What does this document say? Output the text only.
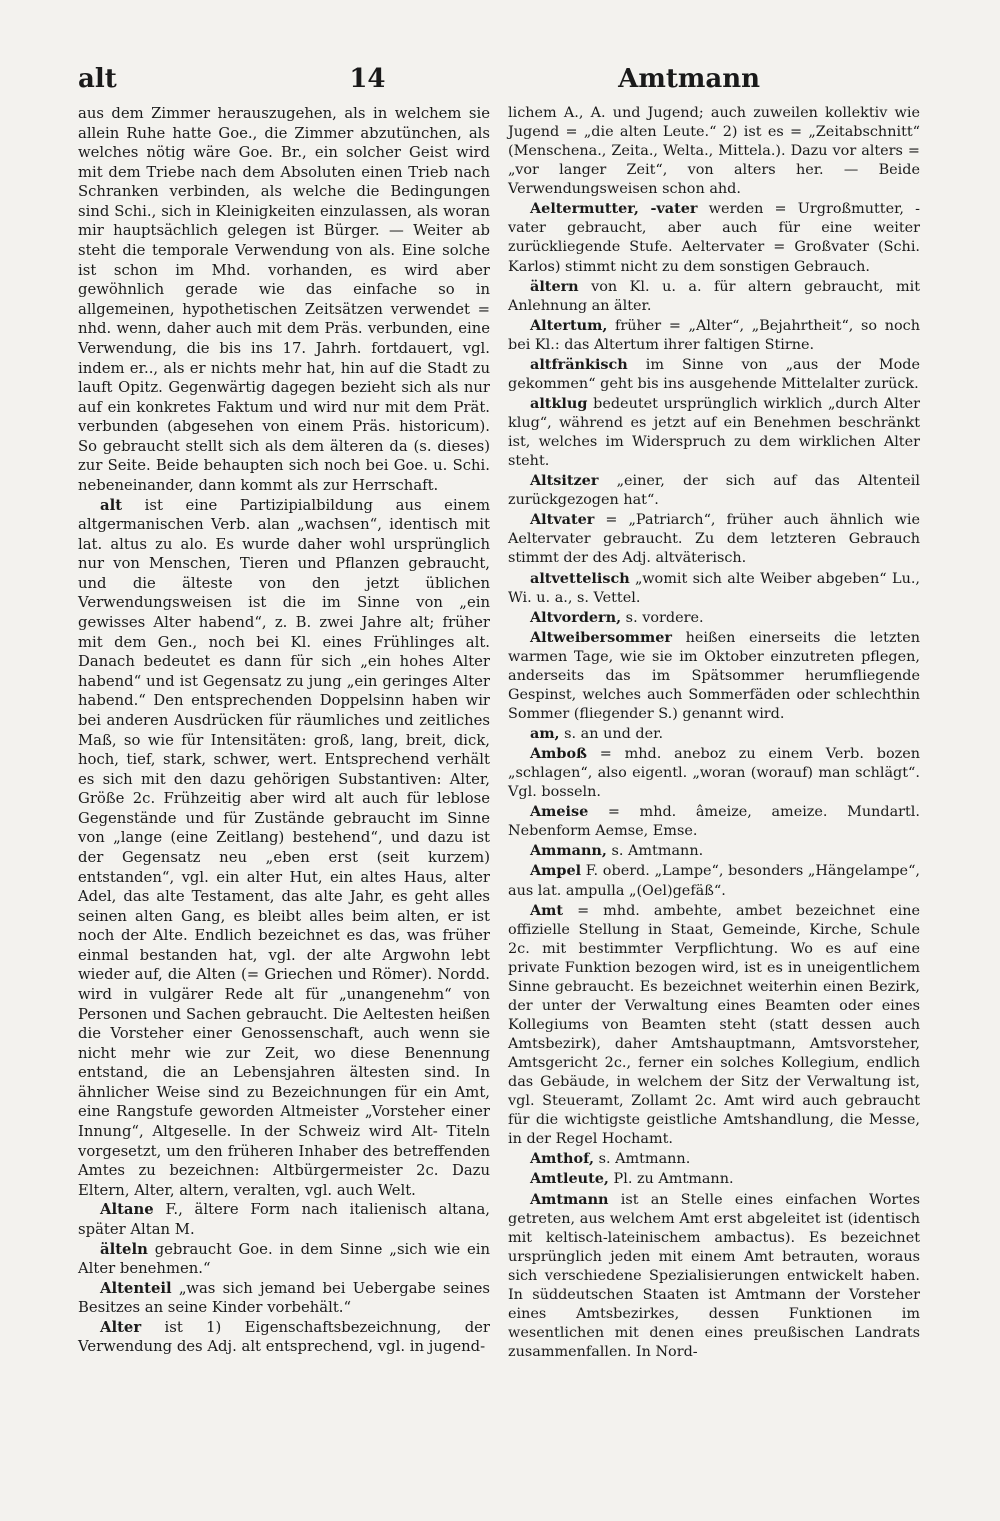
alt	14	Amtmann

aus dem Zimmer herauszugehen, als in welchem sie allein Ruhe hatte Goe., die Zimmer abzutünchen, als welches nötig wäre Goe. Br., ein solcher Geist wird mit dem Triebe nach dem Absoluten einen Trieb nach Schranken verbinden, als welche die Bedingungen sind Schi., sich in Kleinigkeiten einzulassen, als woran mir hauptsächlich gelegen ist Bürger. — Weiter ab steht die temporale Verwendung von als. Eine solche ist schon im Mhd. vorhanden, es wird aber gewöhnlich gerade wie das einfache so in allgemeinen, hypothetischen Zeitsätzen verwendet = nhd. wenn, daher auch mit dem Präs. verbunden, eine Verwendung, die bis ins 17. Jahrh. fortdauert, vgl. indem er.., als er nichts mehr hat, hin auf die Stadt zu lauft Opitz. Gegenwärtig dagegen bezieht sich als nur auf ein konkretes Faktum und wird nur mit dem Prät. verbunden (abgesehen von einem Präs. historicum). So gebraucht stellt sich als dem älteren da (s. dieses) zur Seite. Beide behaupten sich noch bei Goe. u. Schi. nebeneinander, dann kommt als zur Herrschaft.

alt ist eine Partizipialbildung aus einem altgermanischen Verb. alan „wachsen“, identisch mit lat. altus zu alo. Es wurde daher wohl ursprünglich nur von Menschen, Tieren und Pflanzen gebraucht, und die älteste von den jetzt üblichen Verwendungsweisen ist die im Sinne von „ein gewisses Alter habend“, z. B. zwei Jahre alt; früher mit dem Gen., noch bei Kl. eines Frühlinges alt. Danach bedeutet es dann für sich „ein hohes Alter habend“ und ist Gegensatz zu jung „ein geringes Alter habend.“ Den entsprechenden Doppelsinn haben wir bei anderen Ausdrücken für räumliches und zeitliches Maß, so wie für Intensitäten: groß, lang, breit, dick, hoch, tief, stark, schwer, wert. Entsprechend verhält es sich mit den dazu gehörigen Substantiven: Alter, Größe 2c. Frühzeitig aber wird alt auch für leblose Gegenstände und für Zustände gebraucht im Sinne von „lange (eine Zeitlang) bestehend“, und dazu ist der Gegensatz neu „eben erst (seit kurzem) entstanden“, vgl. ein alter Hut, ein altes Haus, alter Adel, das alte Testament, das alte Jahr, es geht alles seinen alten Gang, es bleibt alles beim alten, er ist noch der Alte. Endlich bezeichnet es das, was früher einmal bestanden hat, vgl. der alte Argwohn lebt wieder auf, die Alten (= Griechen und Römer). Nordd. wird in vulgärer Rede alt für „unangenehm“ von Personen und Sachen gebraucht. Die Aeltesten heißen die Vorsteher einer Genossenschaft, auch wenn sie nicht mehr wie zur Zeit, wo diese Benennung entstand, die an Lebensjahren ältesten sind. In ähnlicher Weise sind zu Bezeichnungen für ein Amt, eine Rangstufe geworden Altmeister „Vorsteher einer Innung“, Altgeselle. In der Schweiz wird Alt- Titeln vorgesetzt, um den früheren Inhaber des betreffenden Amtes zu bezeichnen: Altbürgermeister 2c. Dazu Eltern, Alter, altern, veralten, vgl. auch Welt.

Altane F., ältere Form nach italienisch altana, später Altan M.

älteln gebraucht Goe. in dem Sinne „sich wie ein Alter benehmen.“

Altenteil „was sich jemand bei Uebergabe seines Besitzes an seine Kinder vorbehält.“

Alter ist 1) Eigenschaftsbezeichnung, der Verwendung des Adj. alt entsprechend, vgl. in jugend-

lichem A., A. und Jugend; auch zuweilen kollektiv wie Jugend = „die alten Leute.“ 2) ist es = „Zeitabschnitt“ (Menschena., Zeita., Welta., Mittela.). Dazu vor alters = „vor langer Zeit“, von alters her. — Beide Verwendungsweisen schon ahd.

Aeltermutter, -vater werden = Urgroßmutter, -vater gebraucht, aber auch für eine weiter zurückliegende Stufe. Aeltervater = Großvater (Schi. Karlos) stimmt nicht zu dem sonstigen Gebrauch.

ältern von Kl. u. a. für altern gebraucht, mit Anlehnung an älter.

Altertum, früher = „Alter“, „Bejahrtheit“, so noch bei Kl.: das Altertum ihrer faltigen Stirne.

altfränkisch im Sinne von „aus der Mode gekommen“ geht bis ins ausgehende Mittelalter zurück.

altklug bedeutet ursprünglich wirklich „durch Alter klug“, während es jetzt auf ein Benehmen beschränkt ist, welches im Widerspruch zu dem wirklichen Alter steht.

Altsitzer „einer, der sich auf das Altenteil zurückgezogen hat“.

Altvater = „Patriarch“, früher auch ähnlich wie Aeltervater gebraucht. Zu dem letzteren Gebrauch stimmt der des Adj. altväterisch.

altvettelisch „womit sich alte Weiber abgeben“ Lu., Wi. u. a., s. Vettel.

Altvordern, s. vordere.

Altweibersommer heißen einerseits die letzten warmen Tage, wie sie im Oktober einzutreten pflegen, anderseits das im Spätsommer herumfliegende Gespinst, welches auch Sommerfäden oder schlechthin Sommer (fliegender S.) genannt wird.

am, s. an und der.

Amboß = mhd. aneboz zu einem Verb. bozen „schlagen“, also eigentl. „woran (worauf) man schlägt“. Vgl. bosseln.

Ameise = mhd. âmeize, ameize. Mundartl. Nebenform Aemse, Emse.

Ammann, s. Amtmann.

Ampel F. oberd. „Lampe“, besonders „Hängelampe“, aus lat. ampulla „(Oel)gefäß“.

Amt = mhd. ambehte, ambet bezeichnet eine offizielle Stellung in Staat, Gemeinde, Kirche, Schule 2c. mit bestimmter Verpflichtung. Wo es auf eine private Funktion bezogen wird, ist es in uneigentlichem Sinne gebraucht. Es bezeichnet weiterhin einen Bezirk, der unter der Verwaltung eines Beamten oder eines Kollegiums von Beamten steht (statt dessen auch Amtsbezirk), daher Amtshauptmann, Amtsvorsteher, Amtsgericht 2c., ferner ein solches Kollegium, endlich das Gebäude, in welchem der Sitz der Verwaltung ist, vgl. Steueramt, Zollamt 2c. Amt wird auch gebraucht für die wichtigste geistliche Amtshandlung, die Messe, in der Regel Hochamt.

Amthof, s. Amtmann.

Amtleute, Pl. zu Amtmann.

Amtmann ist an Stelle eines einfachen Wortes getreten, aus welchem Amt erst abgeleitet ist (identisch mit keltisch-lateinischem ambactus). Es bezeichnet ursprünglich jeden mit einem Amt betrauten, woraus sich verschiedene Spezialisierungen entwickelt haben. In süddeutschen Staaten ist Amtmann der Vorsteher eines Amtsbezirkes, dessen Funktionen im wesentlichen mit denen eines preußischen Landrats zusammenfallen. In Nord-
